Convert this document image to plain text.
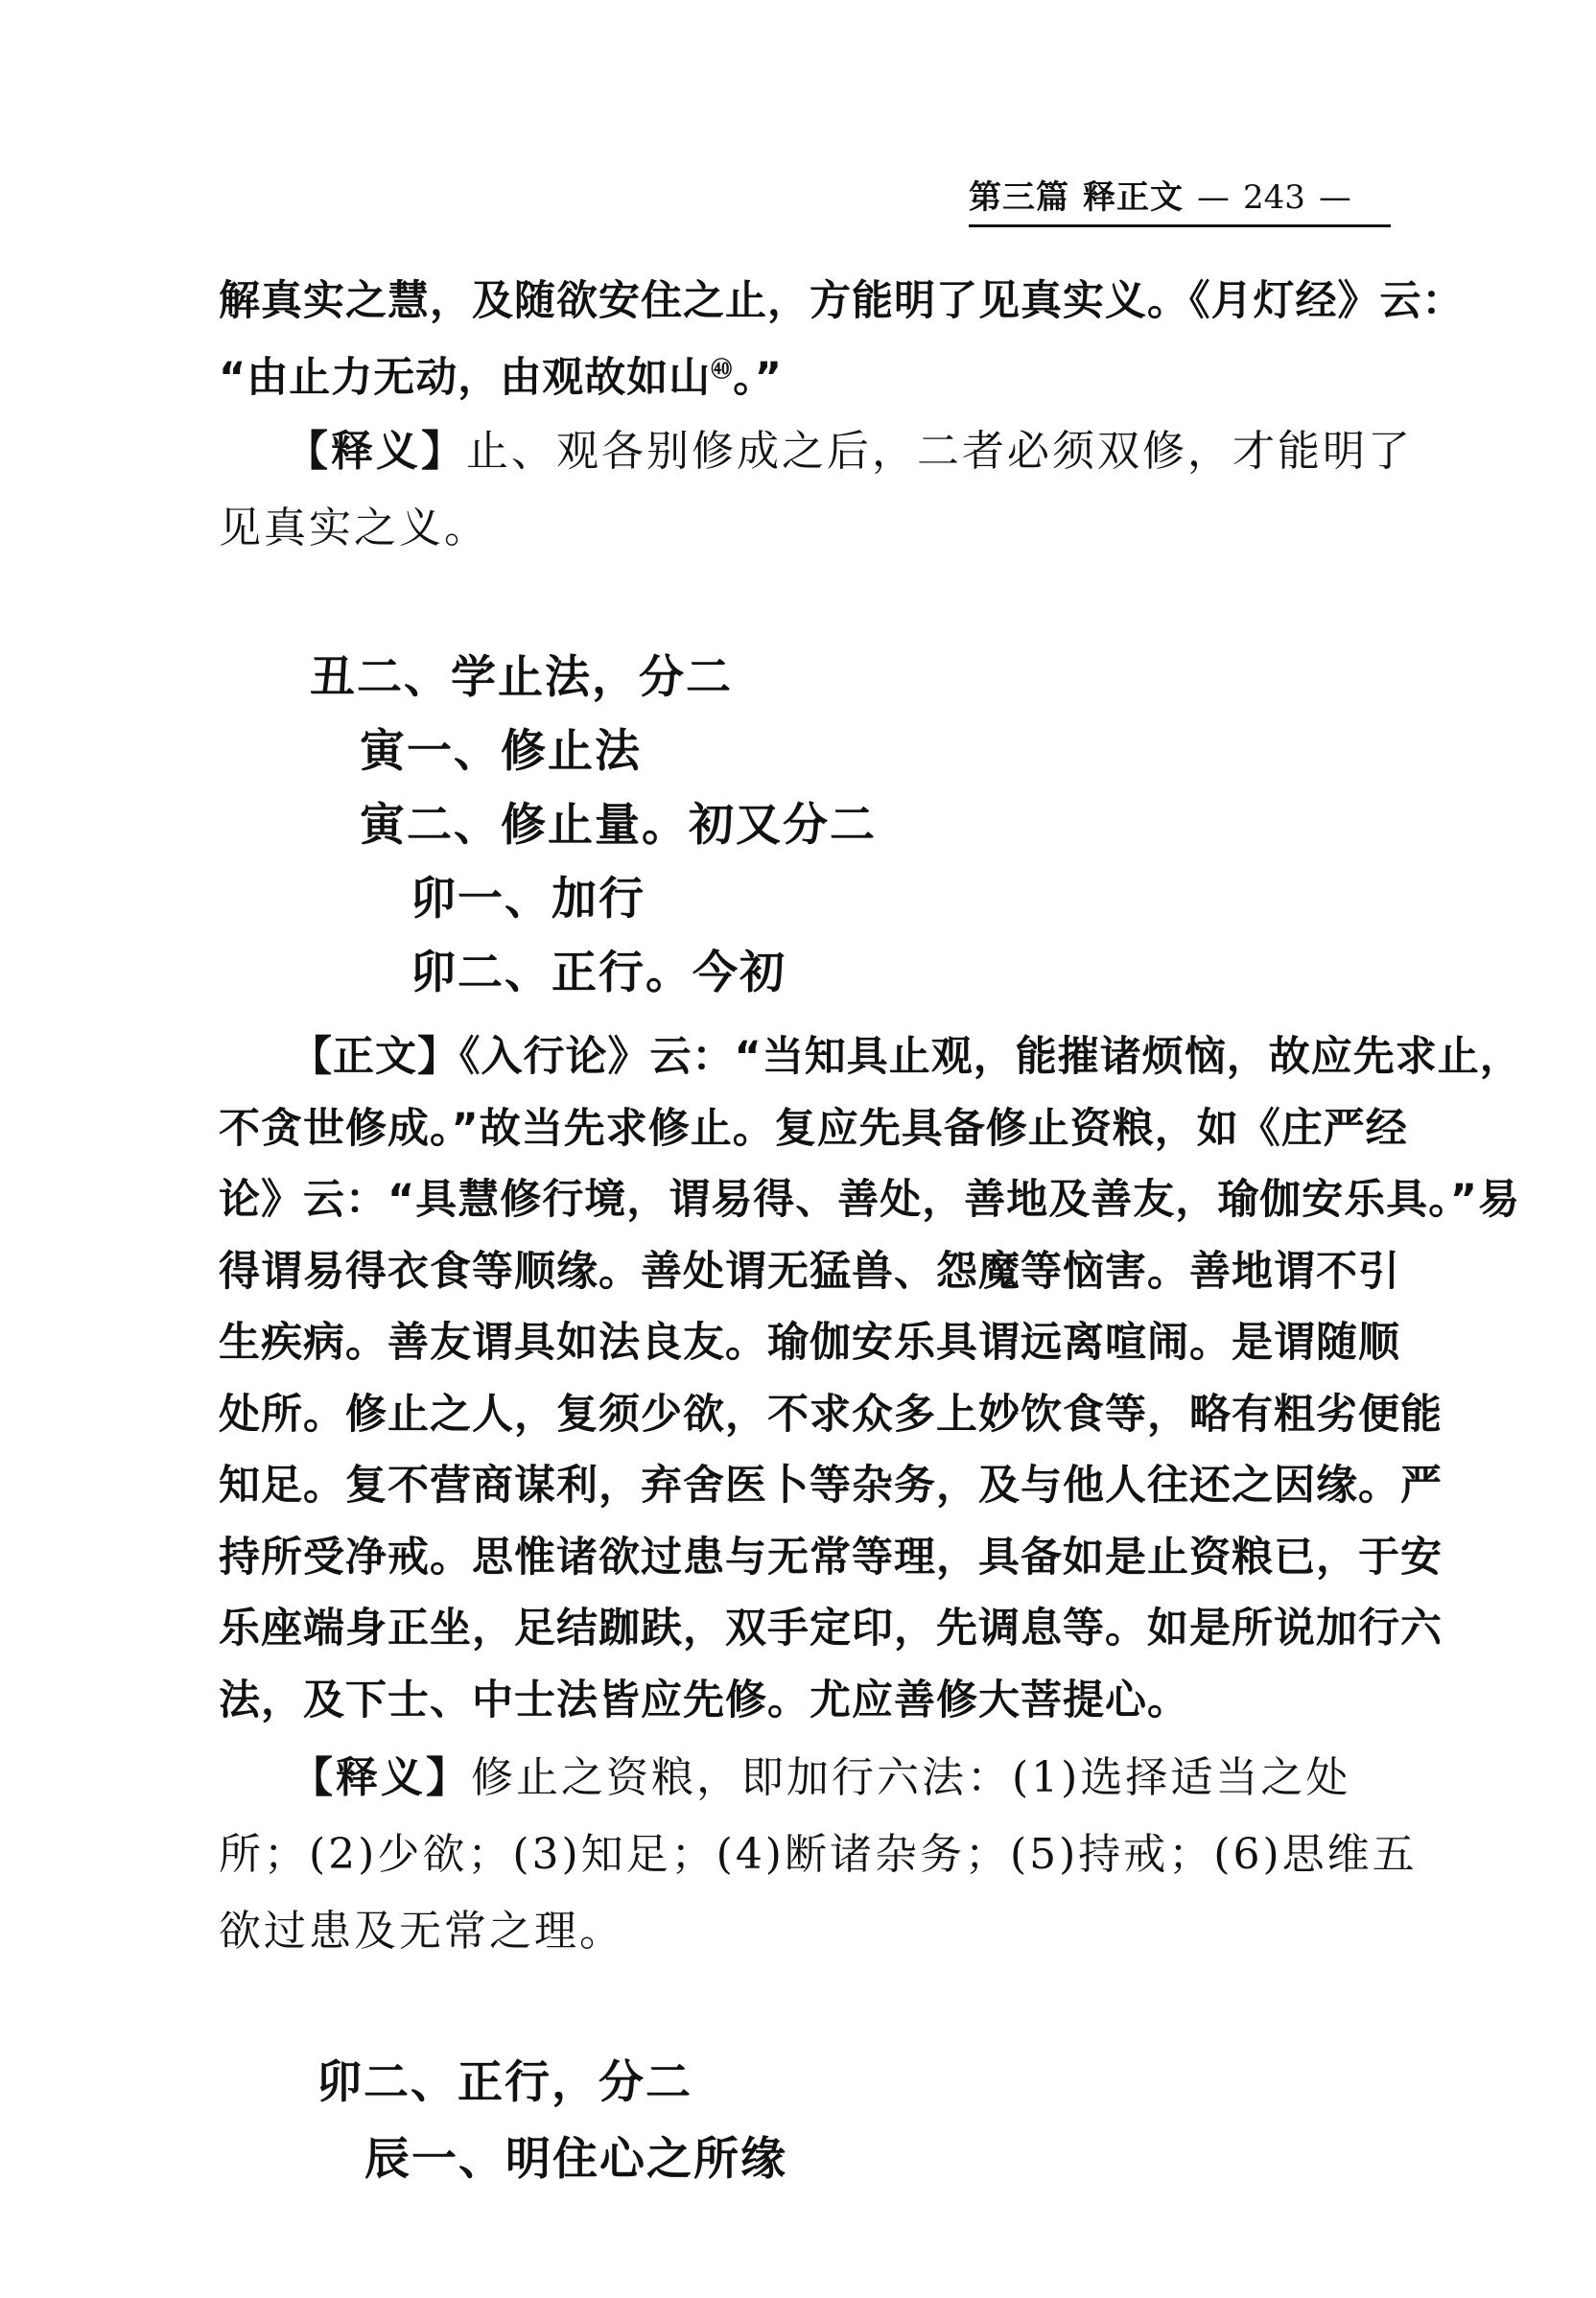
第三篇 释正文 — 243 —
解真实之慧，及随欲安住之止，方能明了见真实义。《月灯经》云：
“由止力无动，由观故如山$^㊵$。”
【释义】止、观各别修成之后，二者必须双修，才能明了
见真实之义。
丑二、学止法，分二
寅一、修止法
寅二、修止量。初又分二
卯一、加行
卯二、正行。今初
【正文】《入行论》云：“当知具止观，能摧诸烦恼，故应先求止，
不贪世修成。”故当先求修止。复应先具备修止资粮，如《庄严经
论》云：“具慧修行境，谓易得、善处，善地及善友，瑜伽安乐具。”易
得谓易得衣食等顺缘。善处谓无猛兽、怨魔等恼害。善地谓不引
生疾病。善友谓具如法良友。瑜伽安乐具谓远离喧闹。是谓随顺
处所。修止之人，复须少欲，不求众多上妙饮食等，略有粗劣便能
知足。复不营商谋利，弃舍医卜等杂务，及与他人往还之因缘。严
持所受净戒。思惟诸欲过患与无常等理，具备如是止资粮已，于安
乐座端身正坐，足结跏趺，双手定印，先调息等。如是所说加行六
法，及下士、中士法皆应先修。尤应善修大菩提心。
【释义】修止之资粮，即加行六法：(1)选择适当之处
所；(2)少欲；(3)知足；(4)断诸杂务；(5)持戒；(6)思维五
欲过患及无常之理。
卯二、正行，分二
辰一、明住心之所缘
